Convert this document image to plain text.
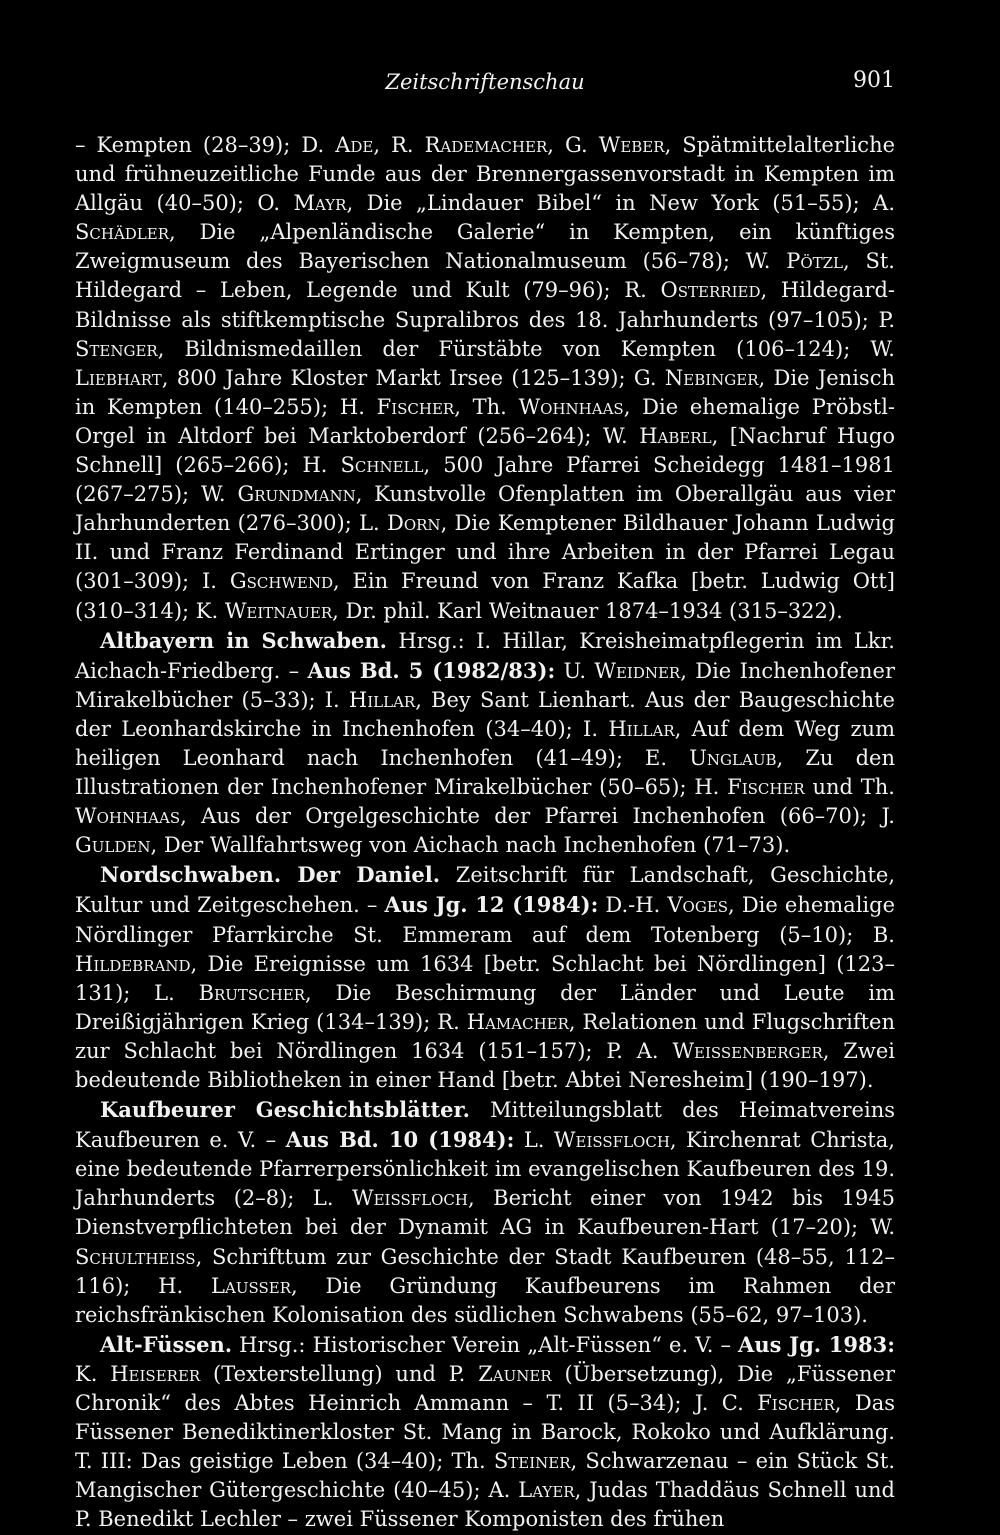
Zeitschriftenschau	901

– Kempten (28–39); D. Ade, R. Rademacher, G. Weber, Spätmittelalterliche und frühneuzeitliche Funde aus der Brennergassenvorstadt in Kempten im Allgäu (40–50); O. Mayr, Die „Lindauer Bibel“ in New York (51–55); A. Schädler, Die „Alpenländische Galerie“ in Kempten, ein künftiges Zweigmuseum des Bayerischen Nationalmuseum (56–78); W. Pötzl, St. Hildegard – Leben, Legende und Kult (79–96); R. Osterried, Hildegard-Bildnisse als stiftkemptische Supralibros des 18. Jahrhunderts (97–105); P. Stenger, Bildnismedaillen der Fürstäbte von Kempten (106–124); W. Liebhart, 800 Jahre Kloster Markt Irsee (125–139); G. Nebinger, Die Jenisch in Kempten (140–255); H. Fischer, Th. Wohnhaas, Die ehemalige Pröbstl-Orgel in Altdorf bei Marktoberdorf (256–264); W. Haberl, [Nachruf Hugo Schnell] (265–266); H. Schnell, 500 Jahre Pfarrei Scheidegg 1481–1981 (267–275); W. Grundmann, Kunstvolle Ofenplatten im Oberallgäu aus vier Jahrhunderten (276–300); L. Dorn, Die Kemptener Bildhauer Johann Ludwig II. und Franz Ferdinand Ertinger und ihre Arbeiten in der Pfarrei Legau (301–309); I. Gschwend, Ein Freund von Franz Kafka [betr. Ludwig Ott] (310–314); K. Weitnauer, Dr. phil. Karl Weitnauer 1874–1934 (315–322).

Altbayern in Schwaben. Hrsg.: I. Hillar, Kreisheimatpflegerin im Lkr. Aichach-Friedberg. – Aus Bd. 5 (1982/83): U. Weidner, Die Inchenhofener Mirakelbücher (5–33); I. Hillar, Bey Sant Lienhart. Aus der Baugeschichte der Leonhardskirche in Inchenhofen (34–40); I. Hillar, Auf dem Weg zum heiligen Leonhard nach Inchenhofen (41–49); E. Unglaub, Zu den Illustrationen der Inchenhofener Mirakelbücher (50–65); H. Fischer und Th. Wohnhaas, Aus der Orgelgeschichte der Pfarrei Inchenhofen (66–70); J. Gulden, Der Wallfahrtsweg von Aichach nach Inchenhofen (71–73).

Nordschwaben. Der Daniel. Zeitschrift für Landschaft, Geschichte, Kultur und Zeitgeschehen. – Aus Jg. 12 (1984): D.-H. Voges, Die ehemalige Nördlinger Pfarrkirche St. Emmeram auf dem Totenberg (5–10); B. Hildebrand, Die Ereignisse um 1634 [betr. Schlacht bei Nördlingen] (123–131); L. Brutscher, Die Beschirmung der Länder und Leute im Dreißigjährigen Krieg (134–139); R. Hamacher, Relationen und Flugschriften zur Schlacht bei Nördlingen 1634 (151–157); P. A. Weissenberger, Zwei bedeutende Bibliotheken in einer Hand [betr. Abtei Neresheim] (190–197).

Kaufbeurer Geschichtsblätter. Mitteilungsblatt des Heimatvereins Kaufbeuren e. V. – Aus Bd. 10 (1984): L. Weissfloch, Kirchenrat Christa, eine bedeutende Pfarrerpersönlichkeit im evangelischen Kaufbeuren des 19. Jahrhunderts (2–8); L. Weissfloch, Bericht einer von 1942 bis 1945 Dienstverpflichteten bei der Dynamit AG in Kaufbeuren-Hart (17–20); W. Schultheiss, Schrifttum zur Geschichte der Stadt Kaufbeuren (48–55, 112–116); H. Lausser, Die Gründung Kaufbeurens im Rahmen der reichsfränkischen Kolonisation des südlichen Schwabens (55–62, 97–103).

Alt-Füssen. Hrsg.: Historischer Verein „Alt-Füssen“ e. V. – Aus Jg. 1983: K. Heiserer (Texterstellung) und P. Zauner (Übersetzung), Die „Füssener Chronik“ des Abtes Heinrich Ammann – T. II (5–34); J. C. Fischer, Das Füssener Benediktinerkloster St. Mang in Barock, Rokoko und Aufklärung. T. III: Das geistige Leben (34–40); Th. Steiner, Schwarzenau – ein Stück St. Mangischer Gütergeschichte (40–45); A. Layer, Judas Thaddäus Schnell und P. Benedikt Lechler – zwei Füssener Komponisten des frühen
